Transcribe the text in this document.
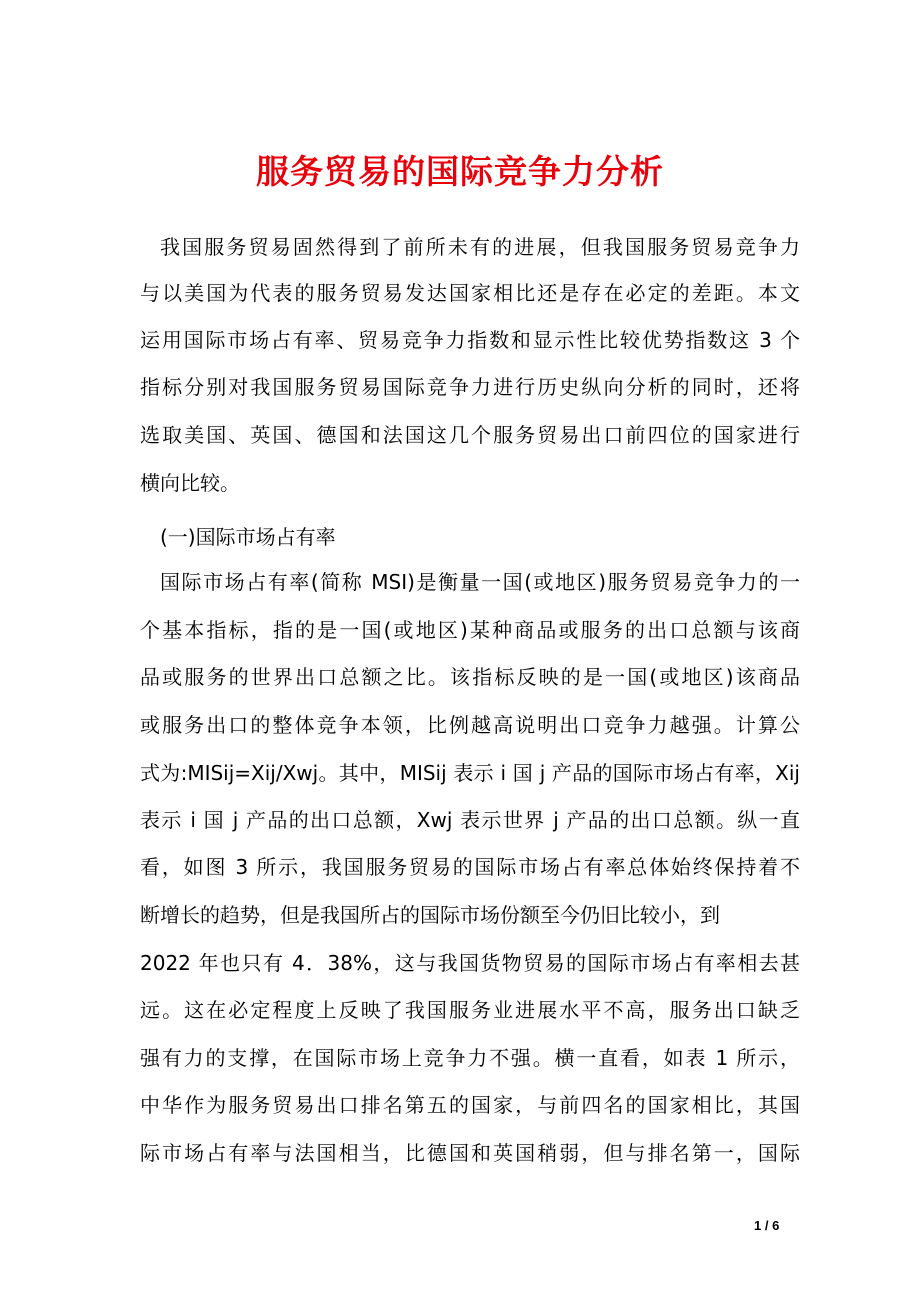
服务贸易的国际竞争力分析
我国服务贸易固然得到了前所未有的进展，但我国服务贸易竞争力
与以美国为代表的服务贸易发达国家相比还是存在必定的差距。本文
运用国际市场占有率、贸易竞争力指数和显示性比较优势指数这 3 个
指标分别对我国服务贸易国际竞争力进行历史纵向分析的同时，还将
选取美国、英国、德国和法国这几个服务贸易出口前四位的国家进行
横向比较。
(一)国际市场占有率
国际市场占有率(简称 MSI)是衡量一国(或地区)服务贸易竞争力的一
个基本指标，指的是一国(或地区)某种商品或服务的出口总额与该商
品或服务的世界出口总额之比。该指标反映的是一国(或地区)该商品
或服务出口的整体竞争本领，比例越高说明出口竞争力越强。计算公
式为:MISij=Xij/Xwj。其中，MISij 表示 i 国 j 产品的国际市场占有率，Xij
表示 i 国 j 产品的出口总额，Xwj 表示世界 j 产品的出口总额。纵一直
看，如图 3 所示，我国服务贸易的国际市场占有率总体始终保持着不
断增长的趋势，但是我国所占的国际市场份额至今仍旧比较小，到
2022 年也只有 4．38%，这与我国货物贸易的国际市场占有率相去甚
远。这在必定程度上反映了我国服务业进展水平不高，服务出口缺乏
强有力的支撑，在国际市场上竞争力不强。横一直看，如表 1 所示，
中华作为服务贸易出口排名第五的国家，与前四名的国家相比，其国
际市场占有率与法国相当，比德国和英国稍弱，但与排名第一，国际
1 / 6
